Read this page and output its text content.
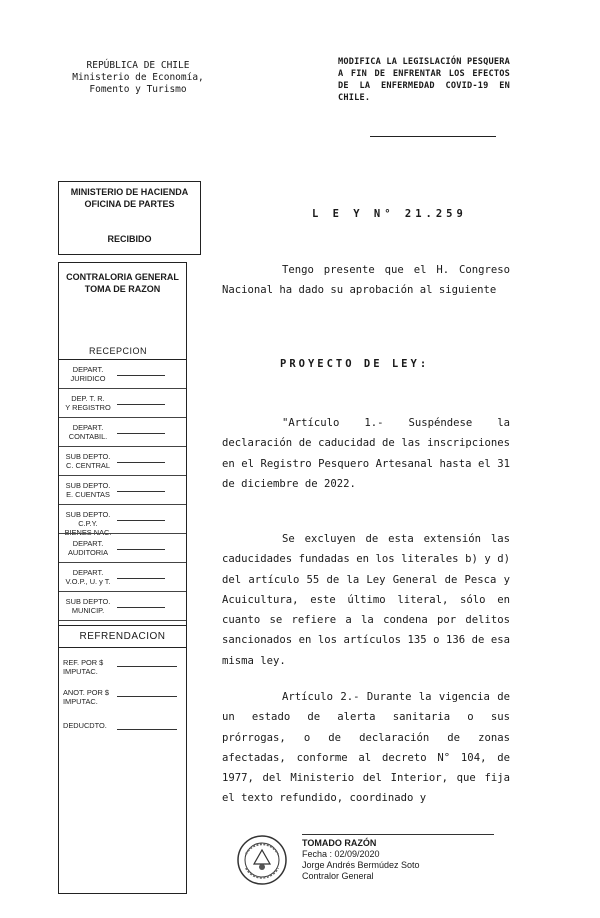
REPÚBLICA DE CHILE
Ministerio de Economía,
Fomento y Turismo
MODIFICA LA LEGISLACIÓN PESQUERA A FIN DE ENFRENTAR LOS EFECTOS DE LA ENFERMEDAD COVID-19 EN CHILE.
MINISTERIO DE HACIENDA
OFICINA DE PARTES
RECIBIDO
CONTRALORIA GENERAL
TOMA DE RAZON
RECEPCION
DEPART.
JURIDICO
DEP. T. R.
Y REGISTRO
DEPART.
CONTABIL.
SUB DEPTO.
C. CENTRAL
SUB DEPTO.
E. CUENTAS
SUB DEPTO. C.P.Y.
BIENES NAC.
DEPART.
AUDITORIA
DEPART.
V.O.P., U. y T.
SUB DEPTO.
MUNICIP.
REFRENDACION
REF. POR $
IMPUTAC.
ANOT. POR $
IMPUTAC.
DEDUCDTO.
L E Y N° 21.259
Tengo presente que el H. Congreso Nacional ha dado su aprobación al siguiente
PROYECTO DE LEY:
"Artículo 1.- Suspéndese la declaración de caducidad de las inscripciones en el Registro Pesquero Artesanal hasta el 31 de diciembre de 2022.
Se excluyen de esta extensión las caducidades fundadas en los literales b) y d) del artículo 55 de la Ley General de Pesca y Acuicultura, este último literal, sólo en cuanto se refiere a la condena por delitos sancionados en los artículos 135 o 136 de esa misma ley.
Artículo 2.- Durante la vigencia de un estado de alerta sanitaria o sus prórrogas, o de declaración de zonas afectadas, conforme al decreto N° 104, de 1977, del Ministerio del Interior, que fija el texto refundido, coordinado y
TOMADO RAZÓN
Fecha : 02/09/2020
Jorge Andrés Bermúdez Soto
Contralor General
